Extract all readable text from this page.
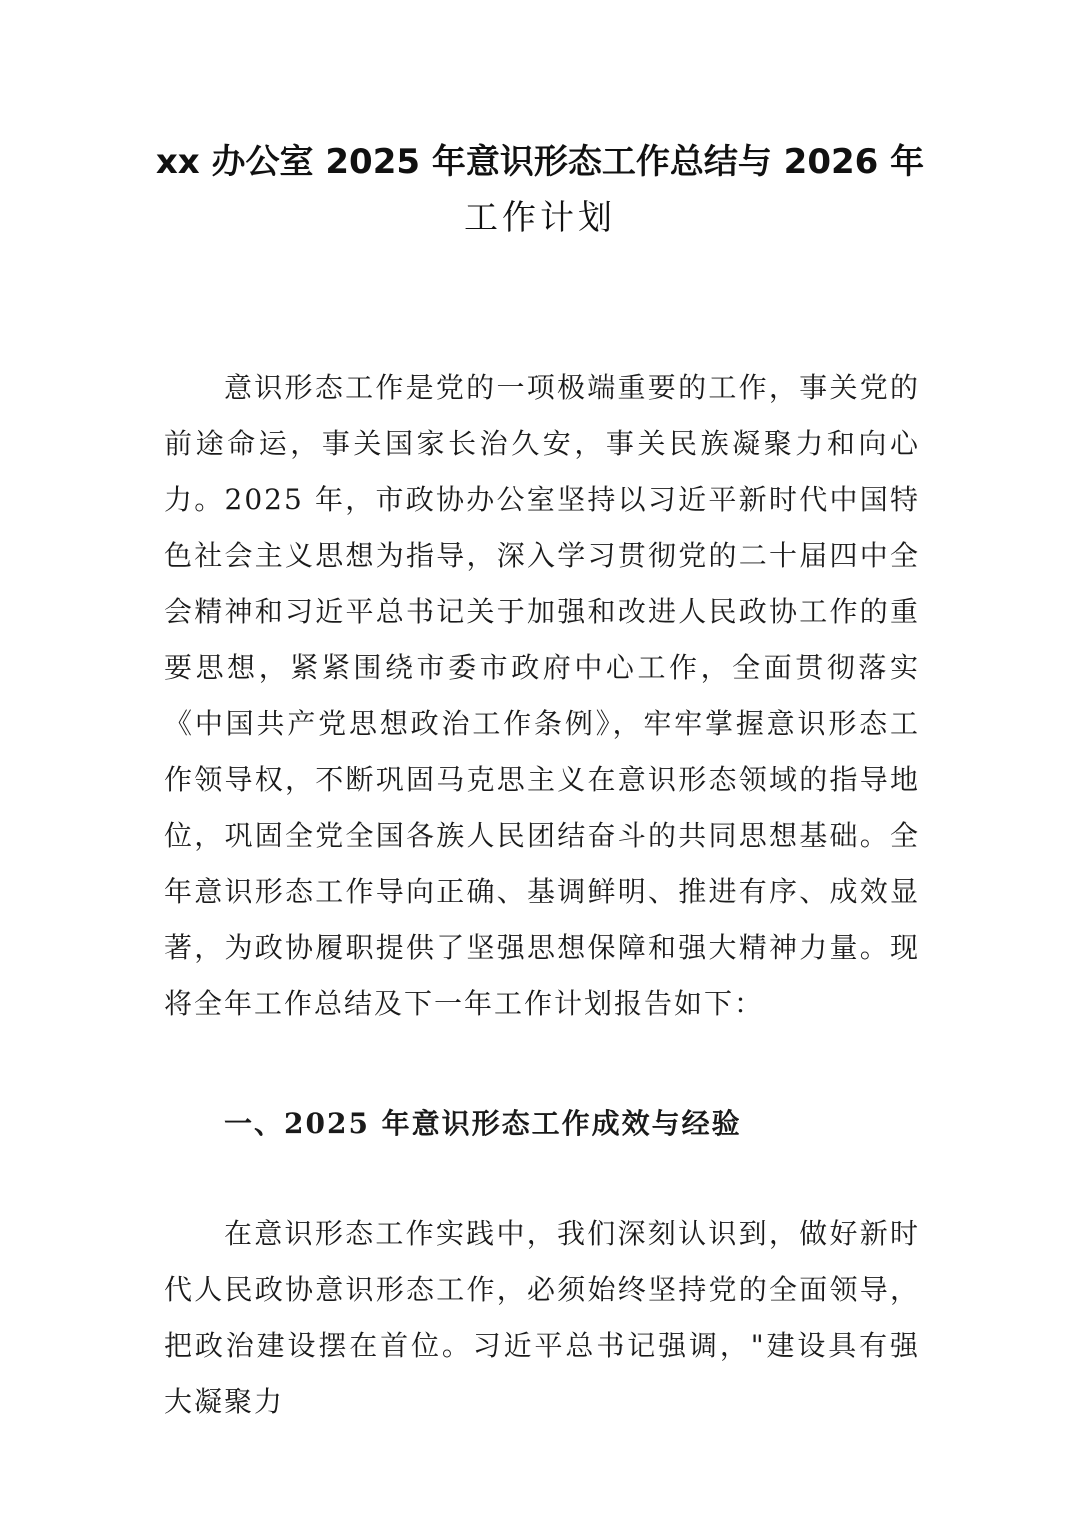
xx 办公室 2025 年意识形态工作总结与 2026 年
工作计划

意识形态工作是党的一项极端重要的工作，事关党的前途命运，事关国家长治久安，事关民族凝聚力和向心力。2025 年，市政协办公室坚持以习近平新时代中国特色社会主义思想为指导，深入学习贯彻党的二十届四中全会精神和习近平总书记关于加强和改进人民政协工作的重要思想，紧紧围绕市委市政府中心工作，全面贯彻落实《中国共产党思想政治工作条例》，牢牢掌握意识形态工作领导权，不断巩固马克思主义在意识形态领域的指导地位，巩固全党全国各族人民团结奋斗的共同思想基础。全年意识形态工作导向正确、基调鲜明、推进有序、成效显著，为政协履职提供了坚强思想保障和强大精神力量。现将全年工作总结及下一年工作计划报告如下：

一、2025 年意识形态工作成效与经验

在意识形态工作实践中，我们深刻认识到，做好新时代人民政协意识形态工作，必须始终坚持党的全面领导，把政治建设摆在首位。习近平总书记强调，"建设具有强大凝聚力
